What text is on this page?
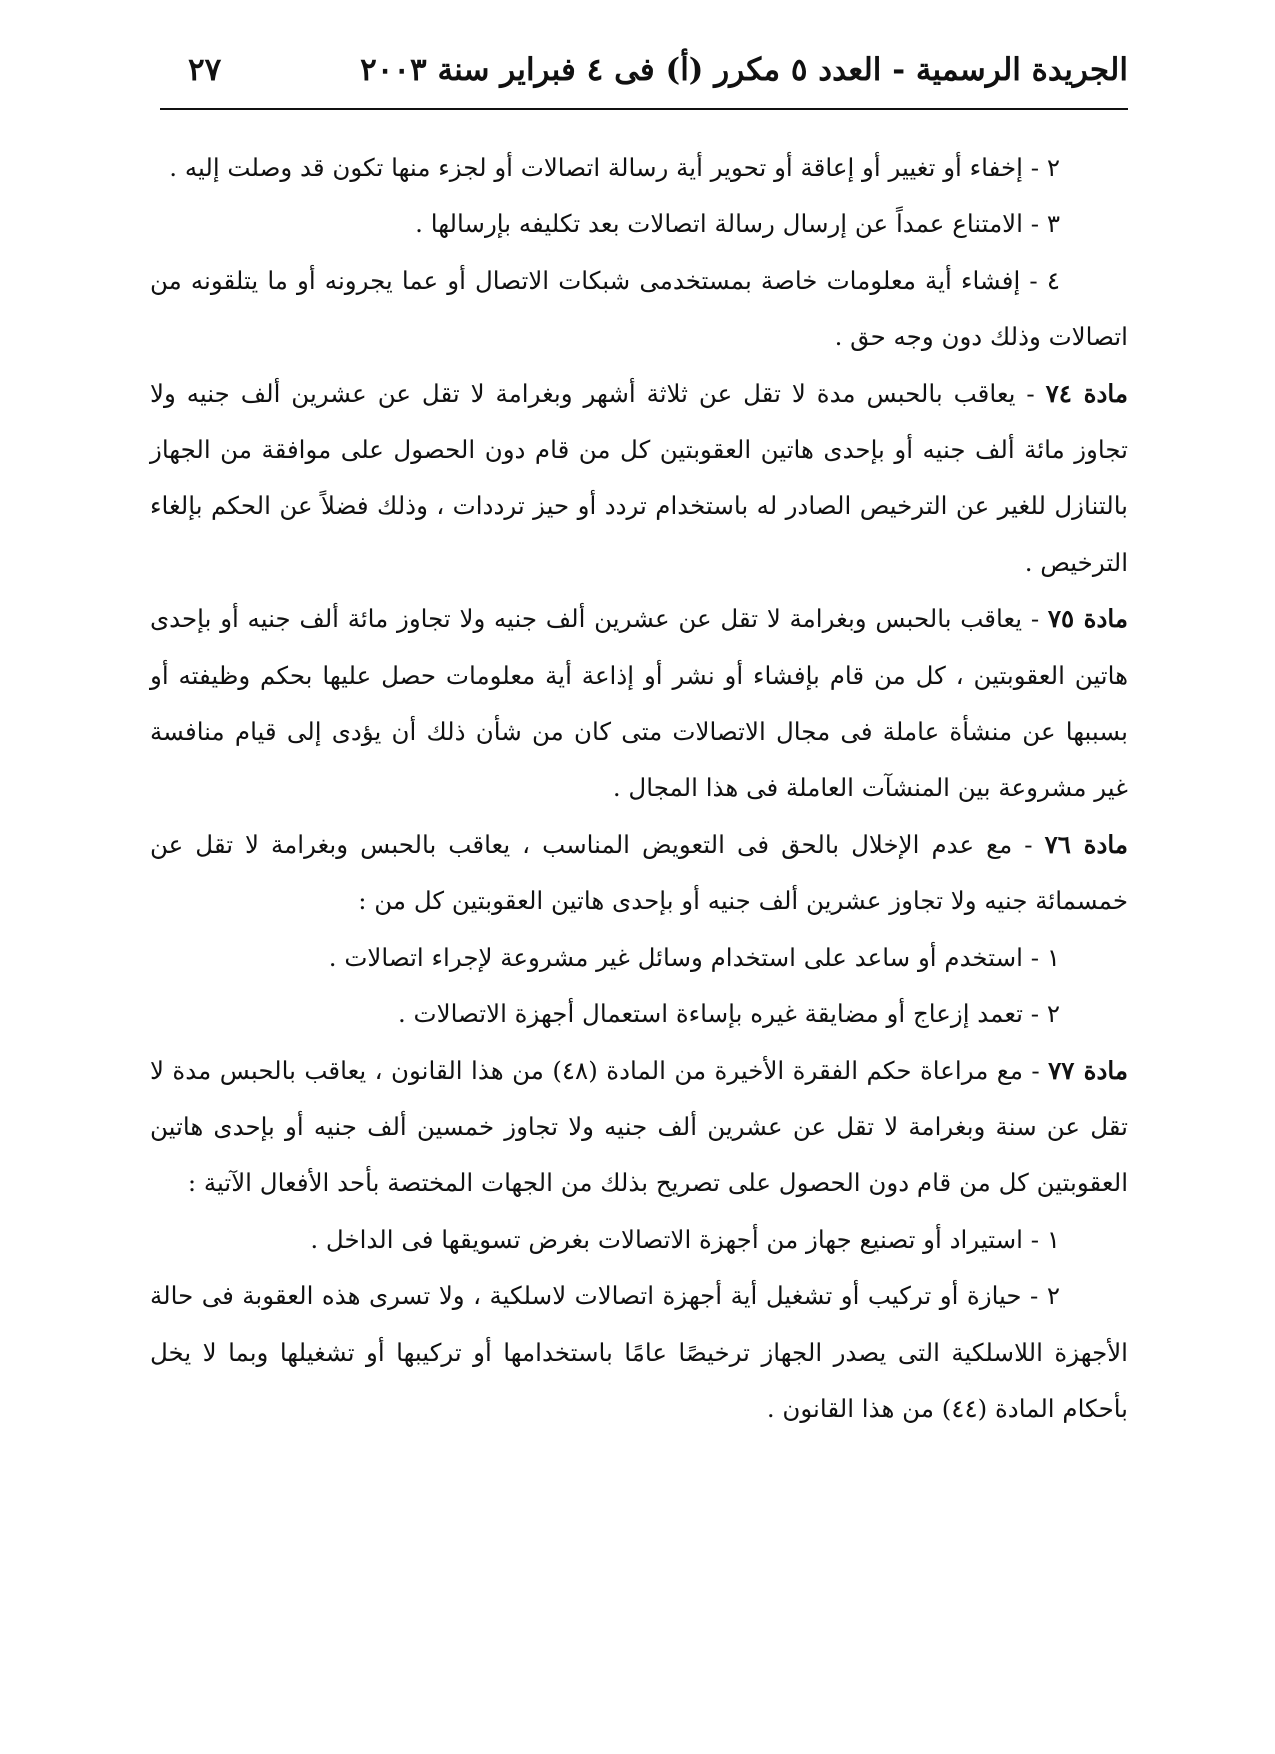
الجريدة الرسمية - العدد ٥ مكرر (أ) فى ٤ فبراير سنة ٢٠٠٣
٢٧

٢ - إخفاء أو تغيير أو إعاقة أو تحوير أية رسالة اتصالات أو لجزء منها تكون قد وصلت إليه .

٣ - الامتناع عمداً عن إرسال رسالة اتصالات بعد تكليفه بإرسالها .

٤ - إفشاء أية معلومات خاصة بمستخدمى شبكات الاتصال أو عما يجرونه أو ما يتلقونه من اتصالات وذلك دون وجه حق .

مادة ٧٤ - يعاقب بالحبس مدة لا تقل عن ثلاثة أشهر وبغرامة لا تقل عن عشرين ألف جنيه ولا تجاوز مائة ألف جنيه أو بإحدى هاتين العقوبتين كل من قام دون الحصول على موافقة من الجهاز بالتنازل للغير عن الترخيص الصادر له باستخدام تردد أو حيز ترددات ، وذلك فضلاً عن الحكم بإلغاء الترخيص .

مادة ٧٥ - يعاقب بالحبس وبغرامة لا تقل عن عشرين ألف جنيه ولا تجاوز مائة ألف جنيه أو بإحدى هاتين العقوبتين ، كل من قام بإفشاء أو نشر أو إذاعة أية معلومات حصل عليها بحكم وظيفته أو بسببها عن منشأة عاملة فى مجال الاتصالات متى كان من شأن ذلك أن يؤدى إلى قيام منافسة غير مشروعة بين المنشآت العاملة فى هذا المجال .

مادة ٧٦ - مع عدم الإخلال بالحق فى التعويض المناسب ، يعاقب بالحبس وبغرامة لا تقل عن خمسمائة جنيه ولا تجاوز عشرين ألف جنيه أو بإحدى هاتين العقوبتين كل من :

١ - استخدم أو ساعد على استخدام وسائل غير مشروعة لإجراء اتصالات .

٢ - تعمد إزعاج أو مضايقة غيره بإساءة استعمال أجهزة الاتصالات .

مادة ٧٧ - مع مراعاة حكم الفقرة الأخيرة من المادة (٤٨) من هذا القانون ، يعاقب بالحبس مدة لا تقل عن سنة وبغرامة لا تقل عن عشرين ألف جنيه ولا تجاوز خمسين ألف جنيه أو بإحدى هاتين العقوبتين كل من قام دون الحصول على تصريح بذلك من الجهات المختصة بأحد الأفعال الآتية :

١ - استيراد أو تصنيع جهاز من أجهزة الاتصالات بغرض تسويقها فى الداخل .

٢ - حيازة أو تركيب أو تشغيل أية أجهزة اتصالات لاسلكية ، ولا تسرى هذه العقوبة فى حالة الأجهزة اللاسلكية التى يصدر الجهاز ترخيصًا عامًا باستخدامها أو تركيبها أو تشغيلها وبما لا يخل بأحكام المادة (٤٤) من هذا القانون .
